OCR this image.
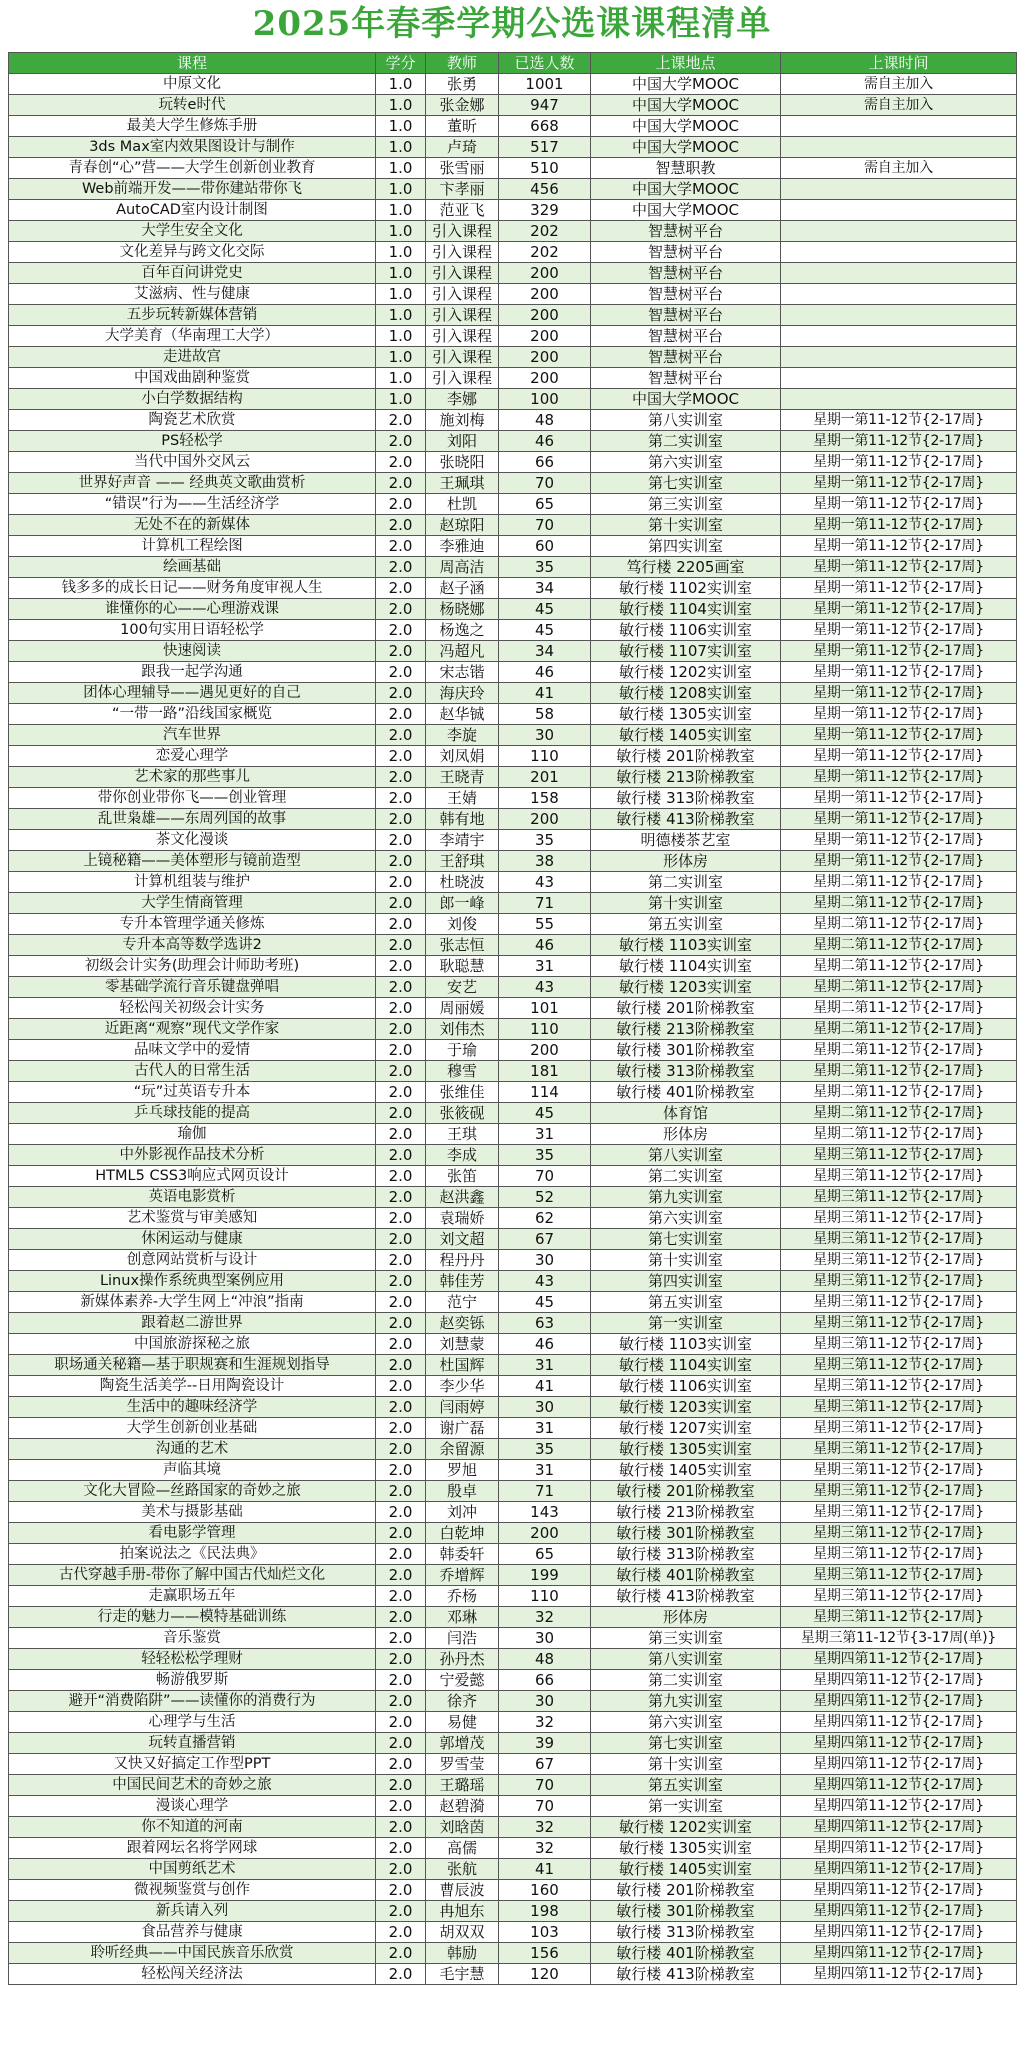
2025年春季学期公选课课程清单
课程	学分	教师	已选人数	上课地点	上课时间
中原文化	1.0	张勇	1001	中国大学MOOC	需自主加入
玩转e时代	1.0	张金娜	947	中国大学MOOC	需自主加入
最美大学生修炼手册	1.0	董昕	668	中国大学MOOC	
3ds Max室内效果图设计与制作	1.0	卢琦	517	中国大学MOOC	
青春创“心”营——大学生创新创业教育	1.0	张雪丽	510	智慧职教	需自主加入
Web前端开发——带你建站带你飞	1.0	卞孝丽	456	中国大学MOOC	
AutoCAD室内设计制图	1.0	范亚飞	329	中国大学MOOC	
大学生安全文化	1.0	引入课程	202	智慧树平台	
文化差异与跨文化交际	1.0	引入课程	202	智慧树平台	
百年百问讲党史	1.0	引入课程	200	智慧树平台	
艾滋病、性与健康	1.0	引入课程	200	智慧树平台	
五步玩转新媒体营销	1.0	引入课程	200	智慧树平台	
大学美育（华南理工大学）	1.0	引入课程	200	智慧树平台	
走进故宫	1.0	引入课程	200	智慧树平台	
中国戏曲剧种鉴赏	1.0	引入课程	200	智慧树平台	
小白学数据结构	1.0	李娜	100	中国大学MOOC	
陶瓷艺术欣赏	2.0	施刘梅	48	第八实训室	星期一第11-12节{2-17周}
PS轻松学	2.0	刘阳	46	第二实训室	星期一第11-12节{2-17周}
当代中国外交风云	2.0	张晓阳	66	第六实训室	星期一第11-12节{2-17周}
世界好声音 —— 经典英文歌曲赏析	2.0	王珮琪	70	第七实训室	星期一第11-12节{2-17周}
“错误”行为——生活经济学	2.0	杜凯	65	第三实训室	星期一第11-12节{2-17周}
无处不在的新媒体	2.0	赵琼阳	70	第十实训室	星期一第11-12节{2-17周}
计算机工程绘图	2.0	李雅迪	60	第四实训室	星期一第11-12节{2-17周}
绘画基础	2.0	周高洁	35	笃行楼 2205画室	星期一第11-12节{2-17周}
钱多多的成长日记——财务角度审视人生	2.0	赵子涵	34	敏行楼 1102实训室	星期一第11-12节{2-17周}
谁懂你的心——心理游戏课	2.0	杨晓娜	45	敏行楼 1104实训室	星期一第11-12节{2-17周}
100句实用日语轻松学	2.0	杨逸之	45	敏行楼 1106实训室	星期一第11-12节{2-17周}
快速阅读	2.0	冯超凡	34	敏行楼 1107实训室	星期一第11-12节{2-17周}
跟我一起学沟通	2.0	宋志锴	46	敏行楼 1202实训室	星期一第11-12节{2-17周}
团体心理辅导——遇见更好的自己	2.0	海庆玲	41	敏行楼 1208实训室	星期一第11-12节{2-17周}
“一带一路”沿线国家概览	2.0	赵华铖	58	敏行楼 1305实训室	星期一第11-12节{2-17周}
汽车世界	2.0	李旋	30	敏行楼 1405实训室	星期一第11-12节{2-17周}
恋爱心理学	2.0	刘凤娟	110	敏行楼 201阶梯教室	星期一第11-12节{2-17周}
艺术家的那些事儿	2.0	王晓青	201	敏行楼 213阶梯教室	星期一第11-12节{2-17周}
带你创业带你飞——创业管理	2.0	王婧	158	敏行楼 313阶梯教室	星期一第11-12节{2-17周}
乱世枭雄——东周列国的故事	2.0	韩有地	200	敏行楼 413阶梯教室	星期一第11-12节{2-17周}
茶文化漫谈	2.0	李靖宇	35	明德楼茶艺室	星期一第11-12节{2-17周}
上镜秘籍——美体塑形与镜前造型	2.0	王舒琪	38	形体房	星期一第11-12节{2-17周}
计算机组装与维护	2.0	杜晓波	43	第二实训室	星期二第11-12节{2-17周}
大学生情商管理	2.0	郎一峰	71	第十实训室	星期二第11-12节{2-17周}
专升本管理学通关修炼	2.0	刘俊	55	第五实训室	星期二第11-12节{2-17周}
专升本高等数学选讲2	2.0	张志恒	46	敏行楼 1103实训室	星期二第11-12节{2-17周}
初级会计实务(助理会计师助考班)	2.0	耿聪慧	31	敏行楼 1104实训室	星期二第11-12节{2-17周}
零基础学流行音乐键盘弹唱	2.0	安艺	43	敏行楼 1203实训室	星期二第11-12节{2-17周}
轻松闯关初级会计实务	2.0	周丽媛	101	敏行楼 201阶梯教室	星期二第11-12节{2-17周}
近距离“观察”现代文学作家	2.0	刘伟杰	110	敏行楼 213阶梯教室	星期二第11-12节{2-17周}
品味文学中的爱情	2.0	于瑜	200	敏行楼 301阶梯教室	星期二第11-12节{2-17周}
古代人的日常生活	2.0	穆雪	181	敏行楼 313阶梯教室	星期二第11-12节{2-17周}
“玩”过英语专升本	2.0	张维佳	114	敏行楼 401阶梯教室	星期二第11-12节{2-17周}
乒乓球技能的提高	2.0	张筱砚	45	体育馆	星期二第11-12节{2-17周}
瑜伽	2.0	王琪	31	形体房	星期二第11-12节{2-17周}
中外影视作品技术分析	2.0	李成	35	第八实训室	星期三第11-12节{2-17周}
HTML5 CSS3响应式网页设计	2.0	张笛	70	第二实训室	星期三第11-12节{2-17周}
英语电影赏析	2.0	赵洪鑫	52	第九实训室	星期三第11-12节{2-17周}
艺术鉴赏与审美感知	2.0	袁瑞娇	62	第六实训室	星期三第11-12节{2-17周}
休闲运动与健康	2.0	刘文超	67	第七实训室	星期三第11-12节{2-17周}
创意网站赏析与设计	2.0	程丹丹	30	第十实训室	星期三第11-12节{2-17周}
Linux操作系统典型案例应用	2.0	韩佳芳	43	第四实训室	星期三第11-12节{2-17周}
新媒体素养-大学生网上“冲浪”指南	2.0	范宁	45	第五实训室	星期三第11-12节{2-17周}
跟着赵二游世界	2.0	赵奕铄	63	第一实训室	星期三第11-12节{2-17周}
中国旅游探秘之旅	2.0	刘慧蒙	46	敏行楼 1103实训室	星期三第11-12节{2-17周}
职场通关秘籍—基于职规赛和生涯规划指导	2.0	杜国辉	31	敏行楼 1104实训室	星期三第11-12节{2-17周}
陶瓷生活美学--日用陶瓷设计	2.0	李少华	41	敏行楼 1106实训室	星期三第11-12节{2-17周}
生活中的趣味经济学	2.0	闫雨婷	30	敏行楼 1203实训室	星期三第11-12节{2-17周}
大学生创新创业基础	2.0	谢广磊	31	敏行楼 1207实训室	星期三第11-12节{2-17周}
沟通的艺术	2.0	余留源	35	敏行楼 1305实训室	星期三第11-12节{2-17周}
声临其境	2.0	罗旭	31	敏行楼 1405实训室	星期三第11-12节{2-17周}
文化大冒险—丝路国家的奇妙之旅	2.0	殷卓	71	敏行楼 201阶梯教室	星期三第11-12节{2-17周}
美术与摄影基础	2.0	刘冲	143	敏行楼 213阶梯教室	星期三第11-12节{2-17周}
看电影学管理	2.0	白乾坤	200	敏行楼 301阶梯教室	星期三第11-12节{2-17周}
拍案说法之《民法典》	2.0	韩委轩	65	敏行楼 313阶梯教室	星期三第11-12节{2-17周}
古代穿越手册-带你了解中国古代灿烂文化	2.0	乔增辉	199	敏行楼 401阶梯教室	星期三第11-12节{2-17周}
走赢职场五年	2.0	乔杨	110	敏行楼 413阶梯教室	星期三第11-12节{2-17周}
行走的魅力——模特基础训练	2.0	邓琳	32	形体房	星期三第11-12节{2-17周}
音乐鉴赏	2.0	闫浩	30	第三实训室	星期三第11-12节{3-17周(单)}
轻轻松松学理财	2.0	孙丹杰	48	第八实训室	星期四第11-12节{2-17周}
畅游俄罗斯	2.0	宁爱懿	66	第二实训室	星期四第11-12节{2-17周}
避开“消费陷阱”——读懂你的消费行为	2.0	徐齐	30	第九实训室	星期四第11-12节{2-17周}
心理学与生活	2.0	易健	32	第六实训室	星期四第11-12节{2-17周}
玩转直播营销	2.0	郭增茂	39	第七实训室	星期四第11-12节{2-17周}
又快又好搞定工作型PPT	2.0	罗雪莹	67	第十实训室	星期四第11-12节{2-17周}
中国民间艺术的奇妙之旅	2.0	王璐瑶	70	第五实训室	星期四第11-12节{2-17周}
漫谈心理学	2.0	赵碧漪	70	第一实训室	星期四第11-12节{2-17周}
你不知道的河南	2.0	刘晗茵	32	敏行楼 1202实训室	星期四第11-12节{2-17周}
跟着网坛名将学网球	2.0	高儒	32	敏行楼 1305实训室	星期四第11-12节{2-17周}
中国剪纸艺术	2.0	张航	41	敏行楼 1405实训室	星期四第11-12节{2-17周}
微视频鉴赏与创作	2.0	曹辰波	160	敏行楼 201阶梯教室	星期四第11-12节{2-17周}
新兵请入列	2.0	冉旭东	198	敏行楼 301阶梯教室	星期四第11-12节{2-17周}
食品营养与健康	2.0	胡双双	103	敏行楼 313阶梯教室	星期四第11-12节{2-17周}
聆听经典——中国民族音乐欣赏	2.0	韩励	156	敏行楼 401阶梯教室	星期四第11-12节{2-17周}
轻松闯关经济法	2.0	毛宇慧	120	敏行楼 413阶梯教室	星期四第11-12节{2-17周}
